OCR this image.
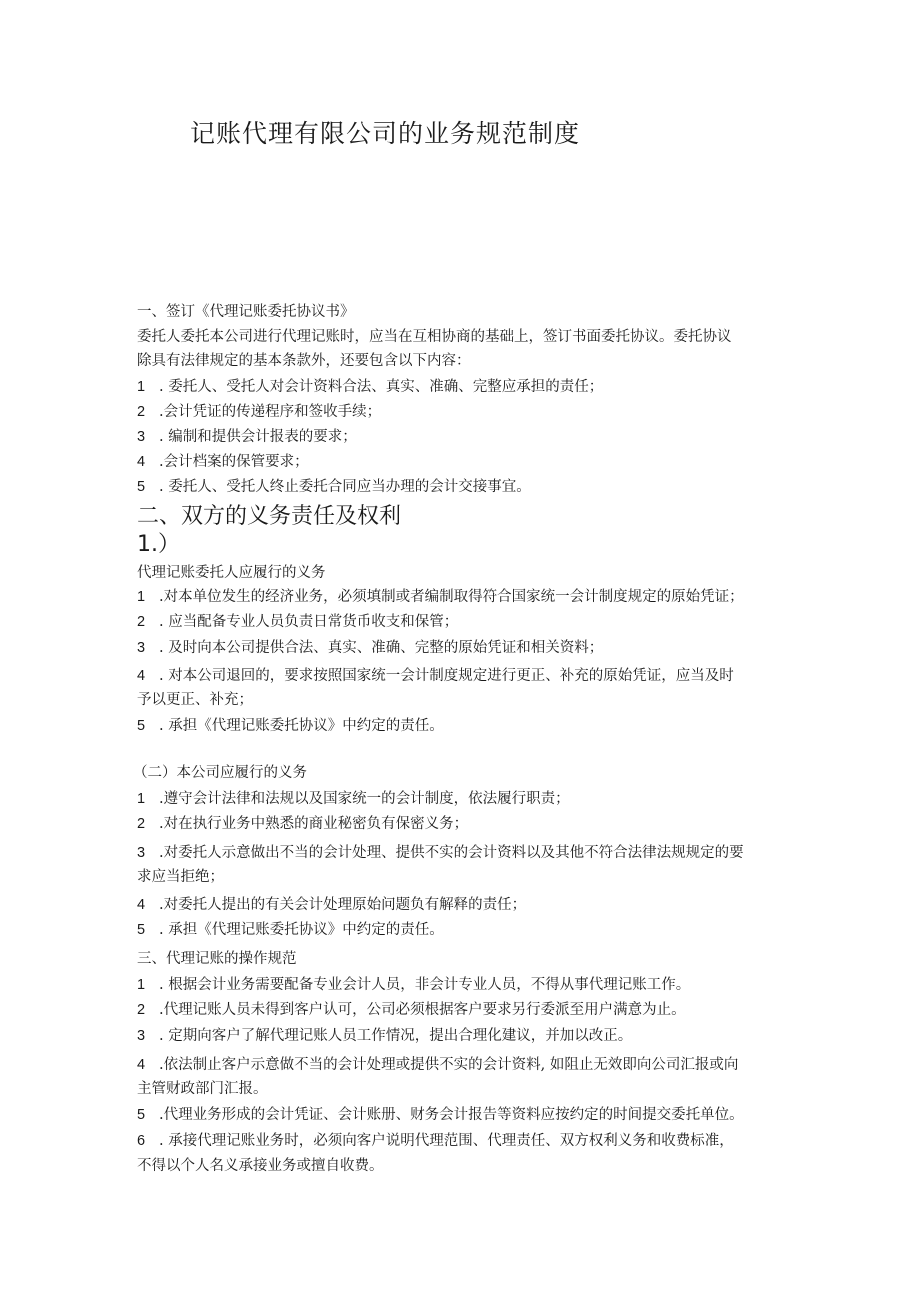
记账代理有限公司的业务规范制度
一、签订《代理记账委托协议书》
委托人委托本公司进行代理记账时，应当在互相协商的基础上，签订书面委托协议。委托协议
除具有法律规定的基本条款外，还要包含以下内容：
1 . 委托人、受托人对会计资料合法、真实、准确、完整应承担的责任；
2 .会计凭证的传递程序和签收手续；
3 . 编制和提供会计报表的要求；
4 .会计档案的保管要求；
5 . 委托人、受托人终止委托合同应当办理的会计交接事宜。
二、双方的义务责任及权利
1.）
代理记账委托人应履行的义务
1 .对本单位发生的经济业务，必须填制或者编制取得符合国家统一会计制度规定的原始凭证；
2 . 应当配备专业人员负责日常货币收支和保管；
3 . 及时向本公司提供合法、真实、准确、完整的原始凭证和相关资料；
4 . 对本公司退回的，要求按照国家统一会计制度规定进行更正、补充的原始凭证，应当及时
予以更正、补充；
5 . 承担《代理记账委托协议》中约定的责任。
（二）本公司应履行的义务
1 .遵守会计法律和法规以及国家统一的会计制度，依法履行职责；
2 .对在执行业务中熟悉的商业秘密负有保密义务；
3 .对委托人示意做出不当的会计处理、提供不实的会计资料以及其他不符合法律法规规定的要
求应当拒绝；
4 .对委托人提出的有关会计处理原始问题负有解释的责任；
5 . 承担《代理记账委托协议》中约定的责任。
三、代理记账的操作规范
1 . 根据会计业务需要配备专业会计人员，非会计专业人员，不得从事代理记账工作。
2 .代理记账人员未得到客户认可，公司必须根据客户要求另行委派至用户满意为止。
3 . 定期向客户了解代理记账人员工作情况，提出合理化建议，并加以改正。
4 .依法制止客户示意做不当的会计处理或提供不实的会计资料, 如阻止无效即向公司汇报或向
主管财政部门汇报。
5 .代理业务形成的会计凭证、会计账册、财务会计报告等资料应按约定的时间提交委托单位。
6 . 承接代理记账业务时，必须向客户说明代理范围、代理责任、双方权利义务和收费标准，
不得以个人名义承接业务或擅自收费。
